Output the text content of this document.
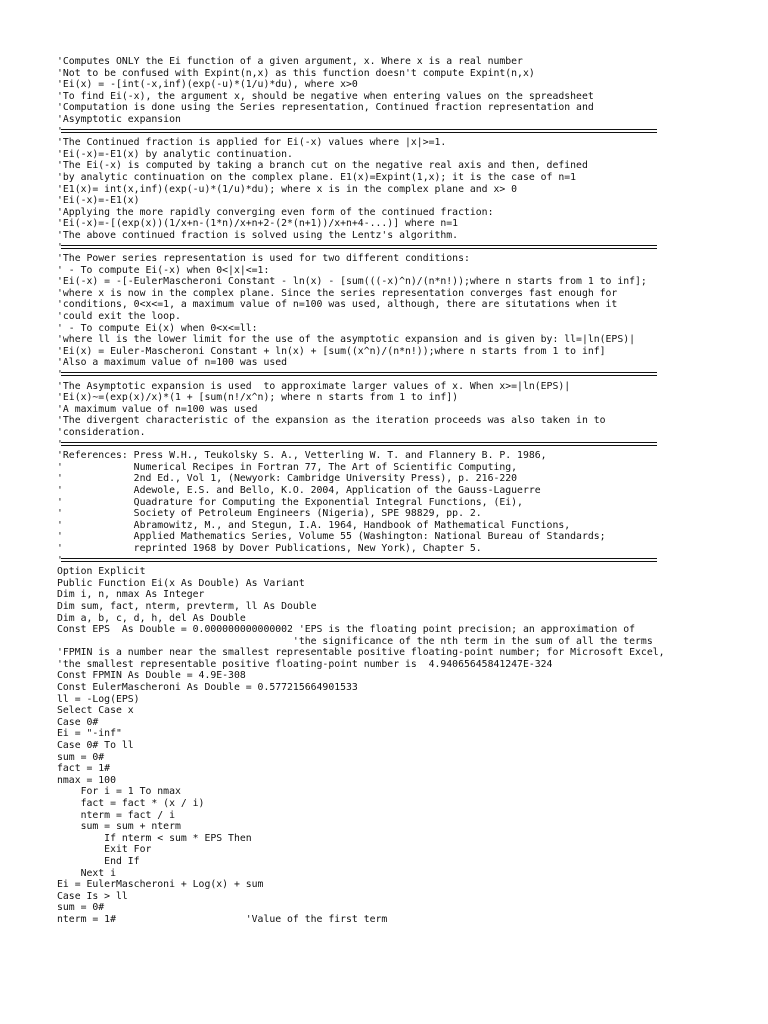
'Computes ONLY the Ei function of a given argument, x. Where x is a real number
'Not to be confused with Expint(n,x) as this function doesn't compute Expint(n,x)
'Ei(x) = -[int(-x,inf)(exp(-u)*(1/u)*du), where x>0
'To find Ei(-x), the argument x, should be negative when entering values on the spreadsheet
'Computation is done using the Series representation, Continued fraction representation and
'Asymptotic expansion
'
'The Continued fraction is applied for Ei(-x) values where |x|>=1.
'Ei(-x)=-E1(x) by analytic continuation.
'The Ei(-x) is computed by taking a branch cut on the negative real axis and then, defined
'by analytic continuation on the complex plane. E1(x)=Expint(1,x); it is the case of n=1
'E1(x)= int(x,inf)(exp(-u)*(1/u)*du); where x is in the complex plane and x> 0
'Ei(-x)=-E1(x)
'Applying the more rapidly converging even form of the continued fraction:
'Ei(-x)=-[(exp(x))(1/x+n-(1*n)/x+n+2-(2*(n+1))/x+n+4-...)] where n=1
'The above continued fraction is solved using the Lentz's algorithm.
'
'The Power series representation is used for two different conditions:
' - To compute Ei(-x) when 0<|x|<=1:
'Ei(-x) = -[-EulerMascheroni Constant - ln(x) - [sum(((-x)^n)/(n*n!));where n starts from 1 to inf];
'where x is now in the complex plane. Since the series representation converges fast enough for
'conditions, 0<x<=1, a maximum value of n=100 was used, although, there are situtations when it
'could exit the loop.
' - To compute Ei(x) when 0<x<=ll:
'where ll is the lower limit for the use of the asymptotic expansion and is given by: ll=|ln(EPS)|
'Ei(x) = Euler-Mascheroni Constant + ln(x) + [sum((x^n)/(n*n!));where n starts from 1 to inf]
'Also a maximum value of n=100 was used
'
'The Asymptotic expansion is used  to approximate larger values of x. When x>=|ln(EPS)|
'Ei(x)~=(exp(x)/x)*(1 + [sum(n!/x^n); where n starts from 1 to inf])
'A maximum value of n=100 was used
'The divergent characteristic of the expansion as the iteration proceeds was also taken in to
'consideration.
'
'References: Press W.H., Teukolsky S. A., Vetterling W. T. and Flannery B. P. 1986,
'            Numerical Recipes in Fortran 77, The Art of Scientific Computing,
'            2nd Ed., Vol 1, (Newyork: Cambridge University Press), p. 216-220
'            Adewole, E.S. and Bello, K.O. 2004, Application of the Gauss-Laguerre
'            Quadrature for Computing the Exponential Integral Functions, (Ei),
'            Society of Petroleum Engineers (Nigeria), SPE 98829, pp. 2.
'            Abramowitz, M., and Stegun, I.A. 1964, Handbook of Mathematical Functions,
'            Applied Mathematics Series, Volume 55 (Washington: National Bureau of Standards;
'            reprinted 1968 by Dover Publications, New York), Chapter 5.
'
Option Explicit
Public Function Ei(x As Double) As Variant
Dim i, n, nmax As Integer
Dim sum, fact, nterm, prevterm, ll As Double
Dim a, b, c, d, h, del As Double
Const EPS  As Double = 0.000000000000002 'EPS is the floating point precision; an approximation of
'the significance of the nth term in the sum of all the terms
'FPMIN is a number near the smallest representable positive floating-point number; for Microsoft Excel,
'the smallest representable positive floating-point number is  4.94065645841247E-324
Const FPMIN As Double = 4.9E-308
Const EulerMascheroni As Double = 0.577215664901533
ll = -Log(EPS)
Select Case x
Case 0#
Ei = "-inf"
Case 0# To ll
sum = 0#
fact = 1#
nmax = 100
For i = 1 To nmax
fact = fact * (x / i)
nterm = fact / i
sum = sum + nterm
If nterm < sum * EPS Then
Exit For
End If
Next i
Ei = EulerMascheroni + Log(x) + sum
Case Is > ll
sum = 0#
nterm = 1#                      'Value of the first term
